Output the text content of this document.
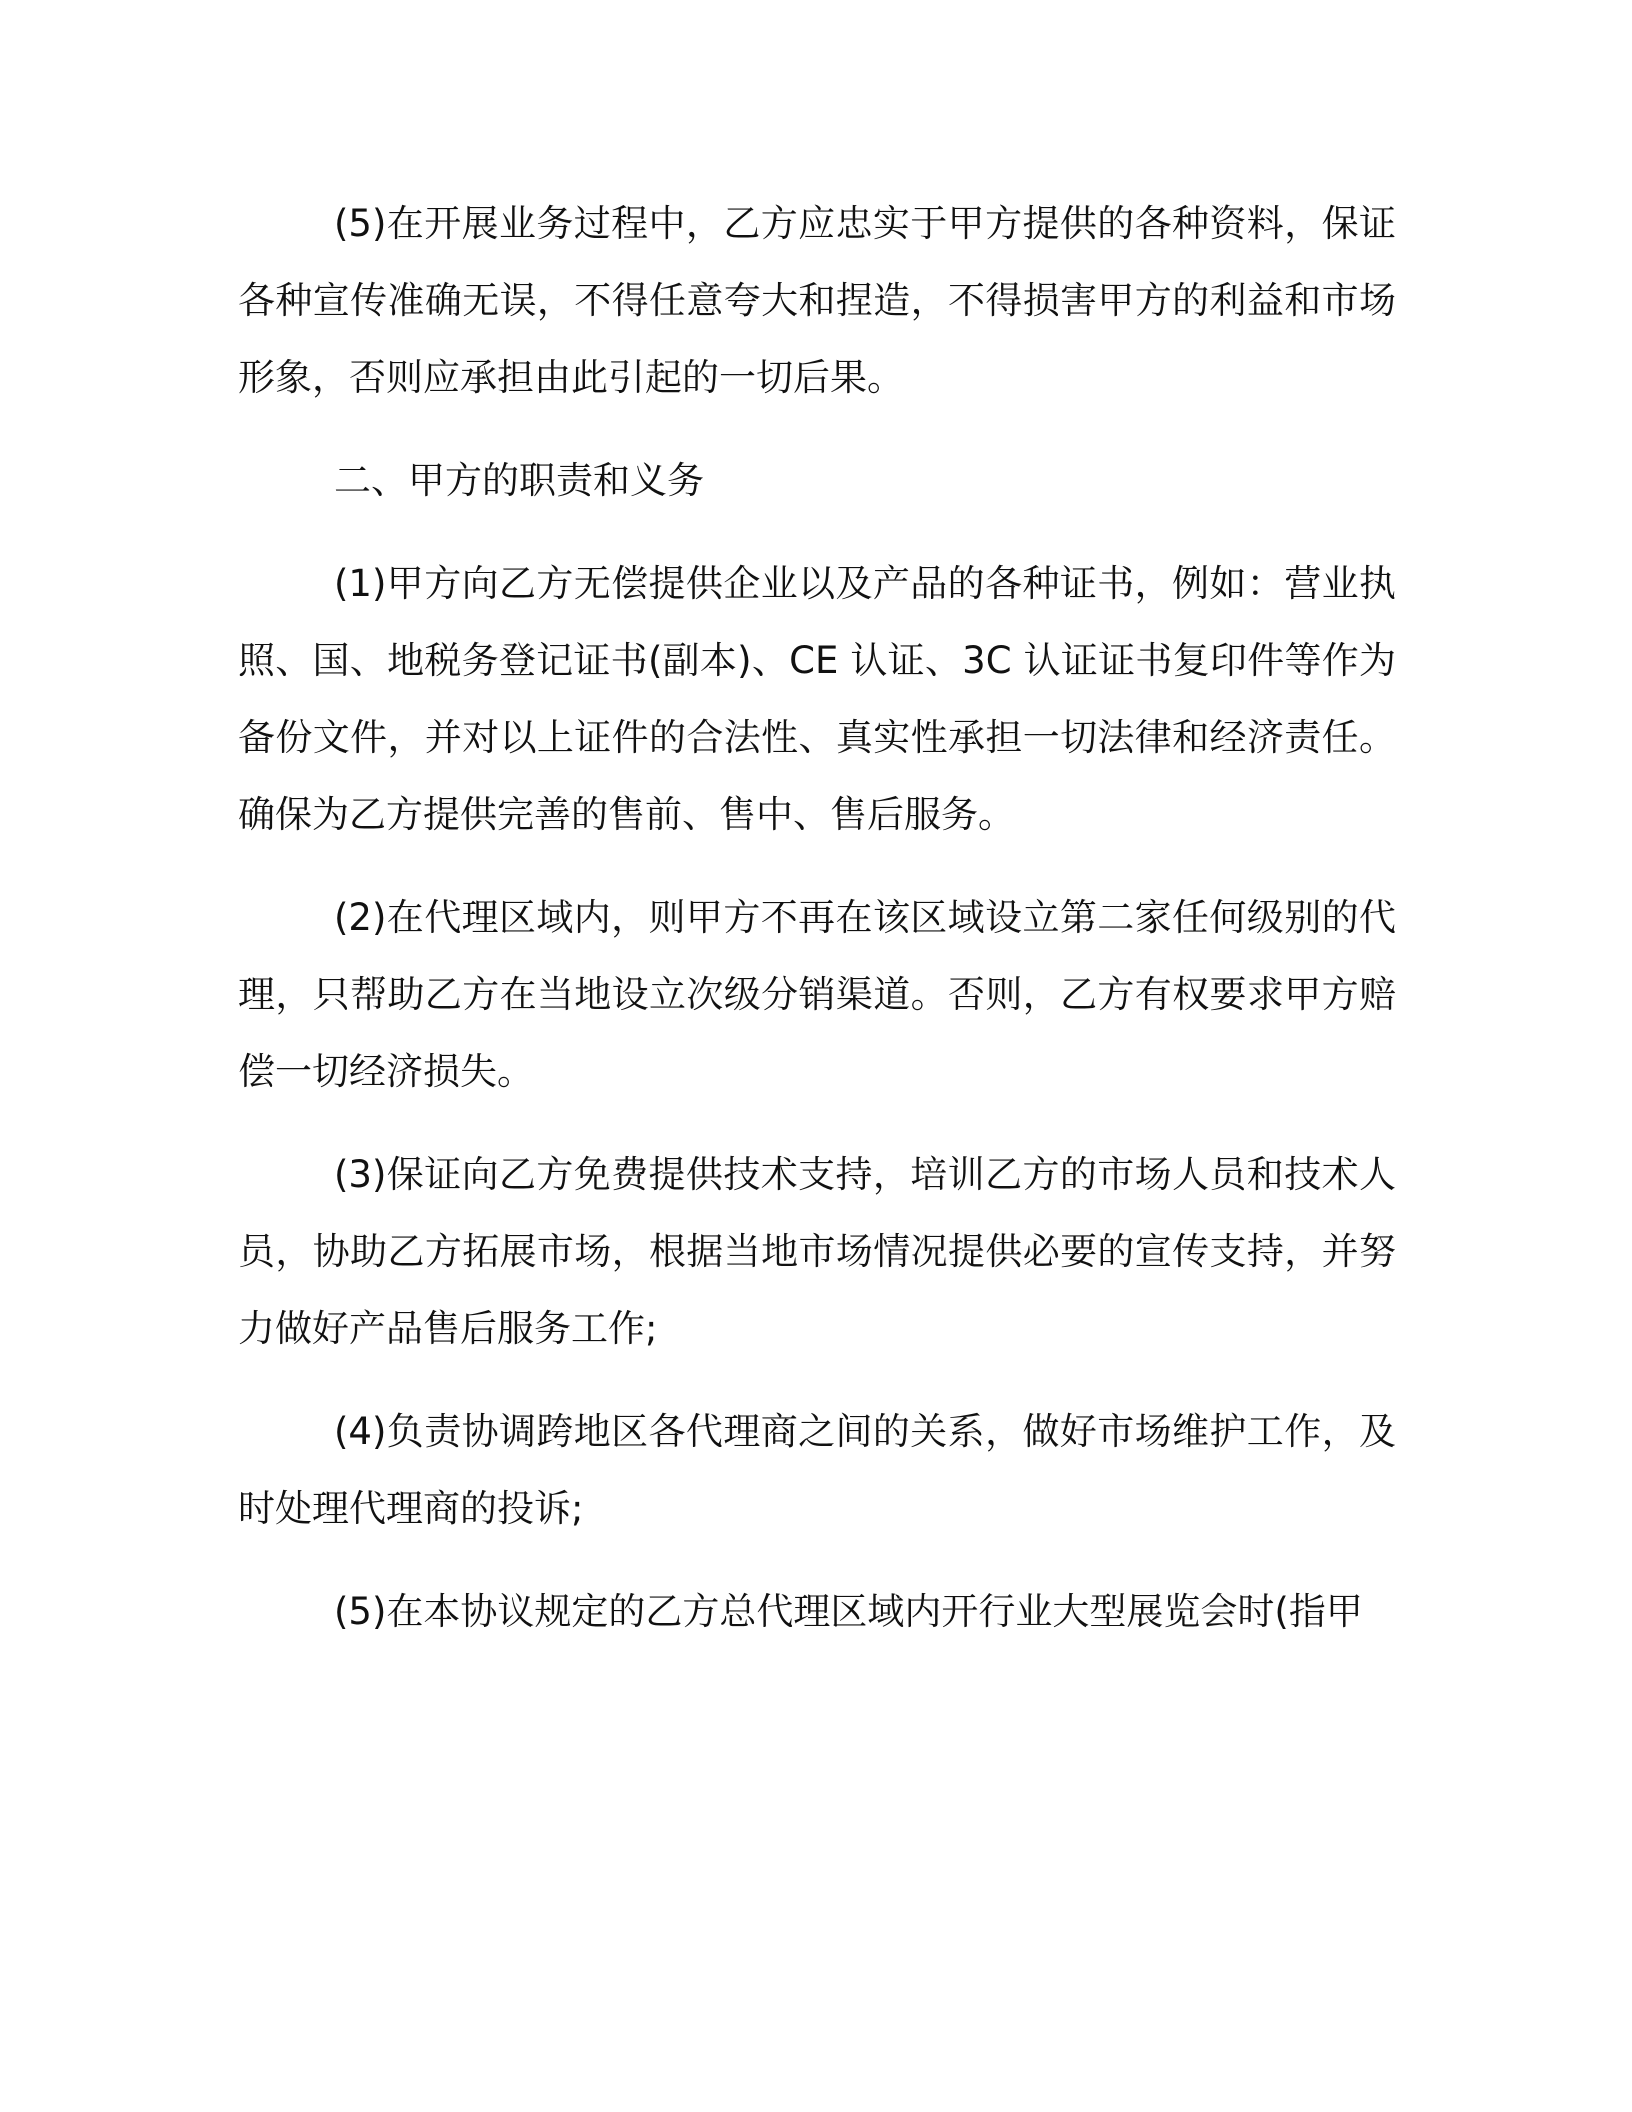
(5)在开展业务过程中，乙方应忠实于甲方提供的各种资料，保证各种宣传准确无误，不得任意夸大和捏造，不得损害甲方的利益和市场形象，否则应承担由此引起的一切后果。

二、甲方的职责和义务

(1)甲方向乙方无偿提供企业以及产品的各种证书，例如：营业执照、国、地税务登记证书(副本)、CE 认证、3C 认证证书复印件等作为备份文件，并对以上证件的合法性、真实性承担一切法律和经济责任。确保为乙方提供完善的售前、售中、售后服务。

(2)在代理区域内，则甲方不再在该区域设立第二家任何级别的代理，只帮助乙方在当地设立次级分销渠道。否则，乙方有权要求甲方赔偿一切经济损失。

(3)保证向乙方免费提供技术支持，培训乙方的市场人员和技术人员，协助乙方拓展市场，根据当地市场情况提供必要的宣传支持，并努力做好产品售后服务工作;

(4)负责协调跨地区各代理商之间的关系，做好市场维护工作，及时处理代理商的投诉;

(5)在本协议规定的乙方总代理区域内开行业大型展览会时(指甲
